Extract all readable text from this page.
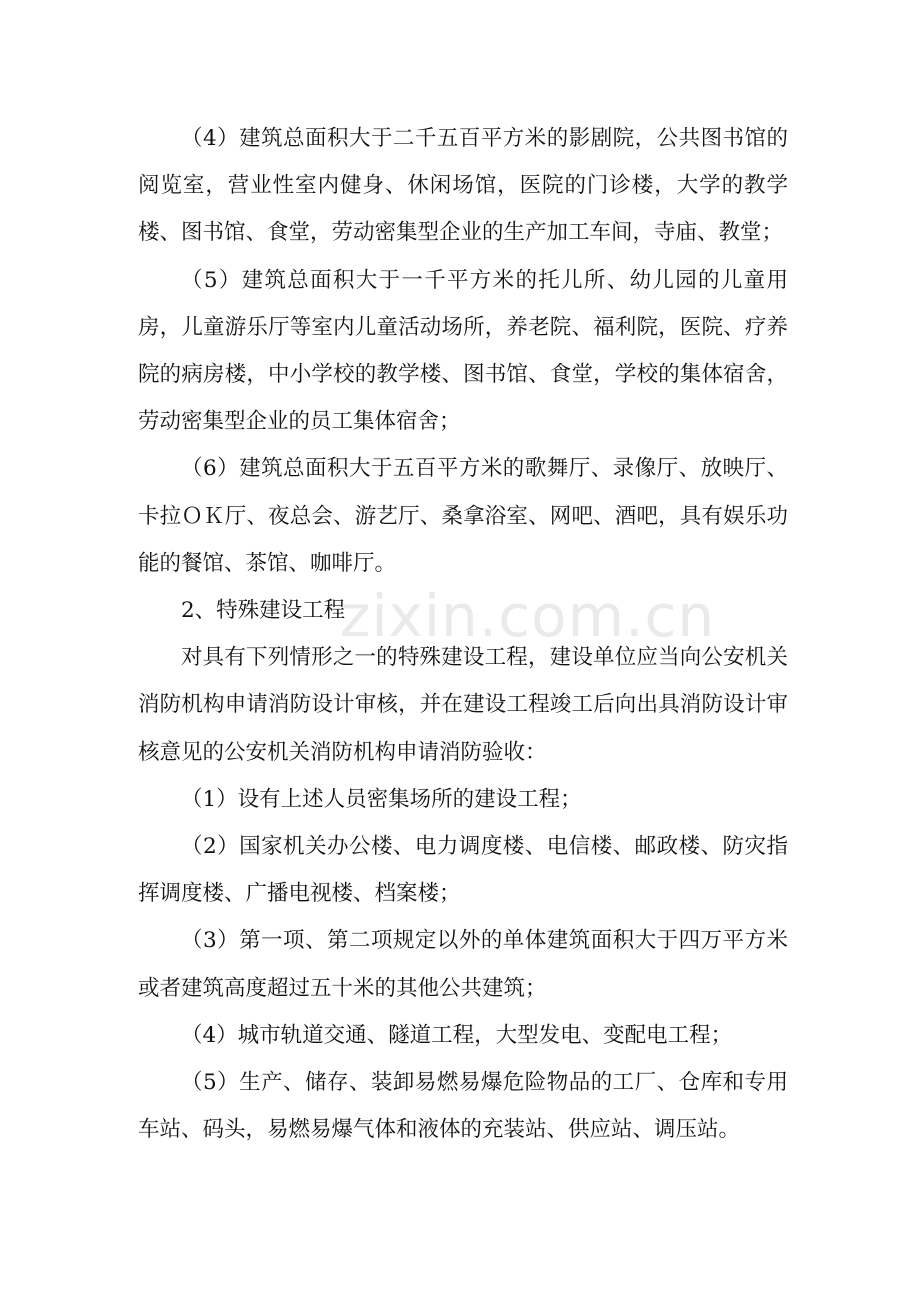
（4）建筑总面积大于二千五百平方米的影剧院，公共图书馆的阅览室，营业性室内健身、休闲场馆，医院的门诊楼，大学的教学楼、图书馆、食堂，劳动密集型企业的生产加工车间，寺庙、教堂；

（5）建筑总面积大于一千平方米的托儿所、幼儿园的儿童用房，儿童游乐厅等室内儿童活动场所，养老院、福利院，医院、疗养院的病房楼，中小学校的教学楼、图书馆、食堂，学校的集体宿舍，劳动密集型企业的员工集体宿舍；

（6）建筑总面积大于五百平方米的歌舞厅、录像厅、放映厅、卡拉ＯＫ厅、夜总会、游艺厅、桑拿浴室、网吧、酒吧，具有娱乐功能的餐馆、茶馆、咖啡厅。

2、特殊建设工程

对具有下列情形之一的特殊建设工程，建设单位应当向公安机关消防机构申请消防设计审核，并在建设工程竣工后向出具消防设计审核意见的公安机关消防机构申请消防验收：

（1）设有上述人员密集场所的建设工程；

（2）国家机关办公楼、电力调度楼、电信楼、邮政楼、防灾指挥调度楼、广播电视楼、档案楼；

（3）第一项、第二项规定以外的单体建筑面积大于四万平方米或者建筑高度超过五十米的其他公共建筑；

（4）城市轨道交通、隧道工程，大型发电、变配电工程；

（5）生产、储存、装卸易燃易爆危险物品的工厂、仓库和专用车站、码头，易燃易爆气体和液体的充装站、供应站、调压站。

zixin.com.cn
